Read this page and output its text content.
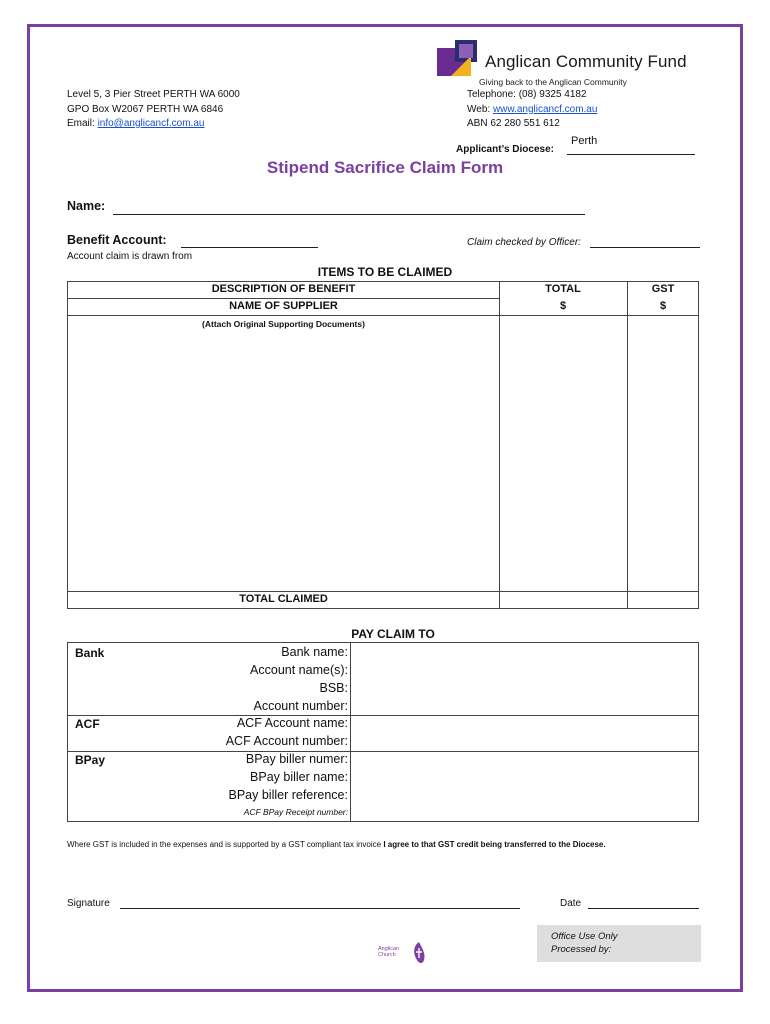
Anglican Community Fund
Giving back to the Anglican Community
Level 5, 3 Pier Street PERTH WA 6000
GPO Box W2067 PERTH WA 6846
Email: info@anglicancf.com.au
Telephone: (08) 9325 4182
Web: www.anglicancf.com.au
ABN 62 280 551 612
Applicant’s Diocese:
Perth
Stipend Sacrifice Claim Form
Name:
Benefit Account:	Claim checked by Officer:
Account claim is drawn from
ITEMS TO BE CLAIMED
DESCRIPTION OF BENEFIT
NAME OF SUPPLIER
TOTAL
$
GST
$
(Attach Original Supporting Documents)
TOTAL CLAIMED
PAY CLAIM TO
Bank
ACF
BPay
Bank name:
Account name(s):
BSB:
Account number:
ACF Account name:
ACF Account number:
BPay biller numer:
BPay biller name:
BPay biller reference:
ACF BPay Receipt number:
Where GST is included in the expenses and is supported by a GST compliant tax invoice I agree to that GST credit being transferred to the Diocese.
Signature	Date
Office Use Only
Processed by:
Anglican
Church
